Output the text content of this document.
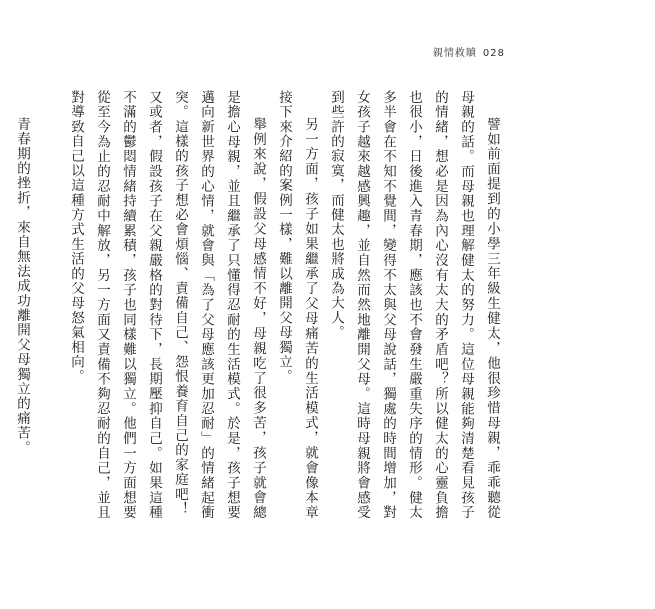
親情救贖 028

譬如前面提到的小學三年級生健太，他很珍惜母親，乖乖聽從母親的話。而母親也理解健太的努力。這位母親能夠清楚看見孩子的情緒，想必是因為內心沒有太大的矛盾吧？所以健太的心靈負擔也很小，日後進入青春期，應該也不會發生嚴重失序的情形。健太多半會在不知不覺間，變得不太與父母說話，獨處的時間增加，對女孩子越來越感興趣，並自然而然地離開父母。這時母親將會感受到些許的寂寞，而健太也將成為大人。

另一方面，孩子如果繼承了父母痛苦的生活模式，就會像本章接下來介紹的案例一樣，難以離開父母獨立。

舉例來說，假設父母感情不好，母親吃了很多苦，孩子就會總是擔心母親，並且繼承了只懂得忍耐的生活模式。於是，孩子想要邁向新世界的心情，就會與「為了父母應該更加忍耐」的情緒起衝突。這樣的孩子想必會煩惱、責備自己、怨恨養育自己的家庭吧！

又或者，假設孩子在父親嚴格的對待下，長期壓抑自己。如果這種不滿的鬱悶情緒持續累積，孩子也同樣難以獨立。他們一方面想要從至今為止的忍耐中解放，另一方面又責備不夠忍耐的自己，並且對導致自己以這種方式生活的父母怒氣相向。

青春期的挫折，來自無法成功離開父母獨立的痛苦。
